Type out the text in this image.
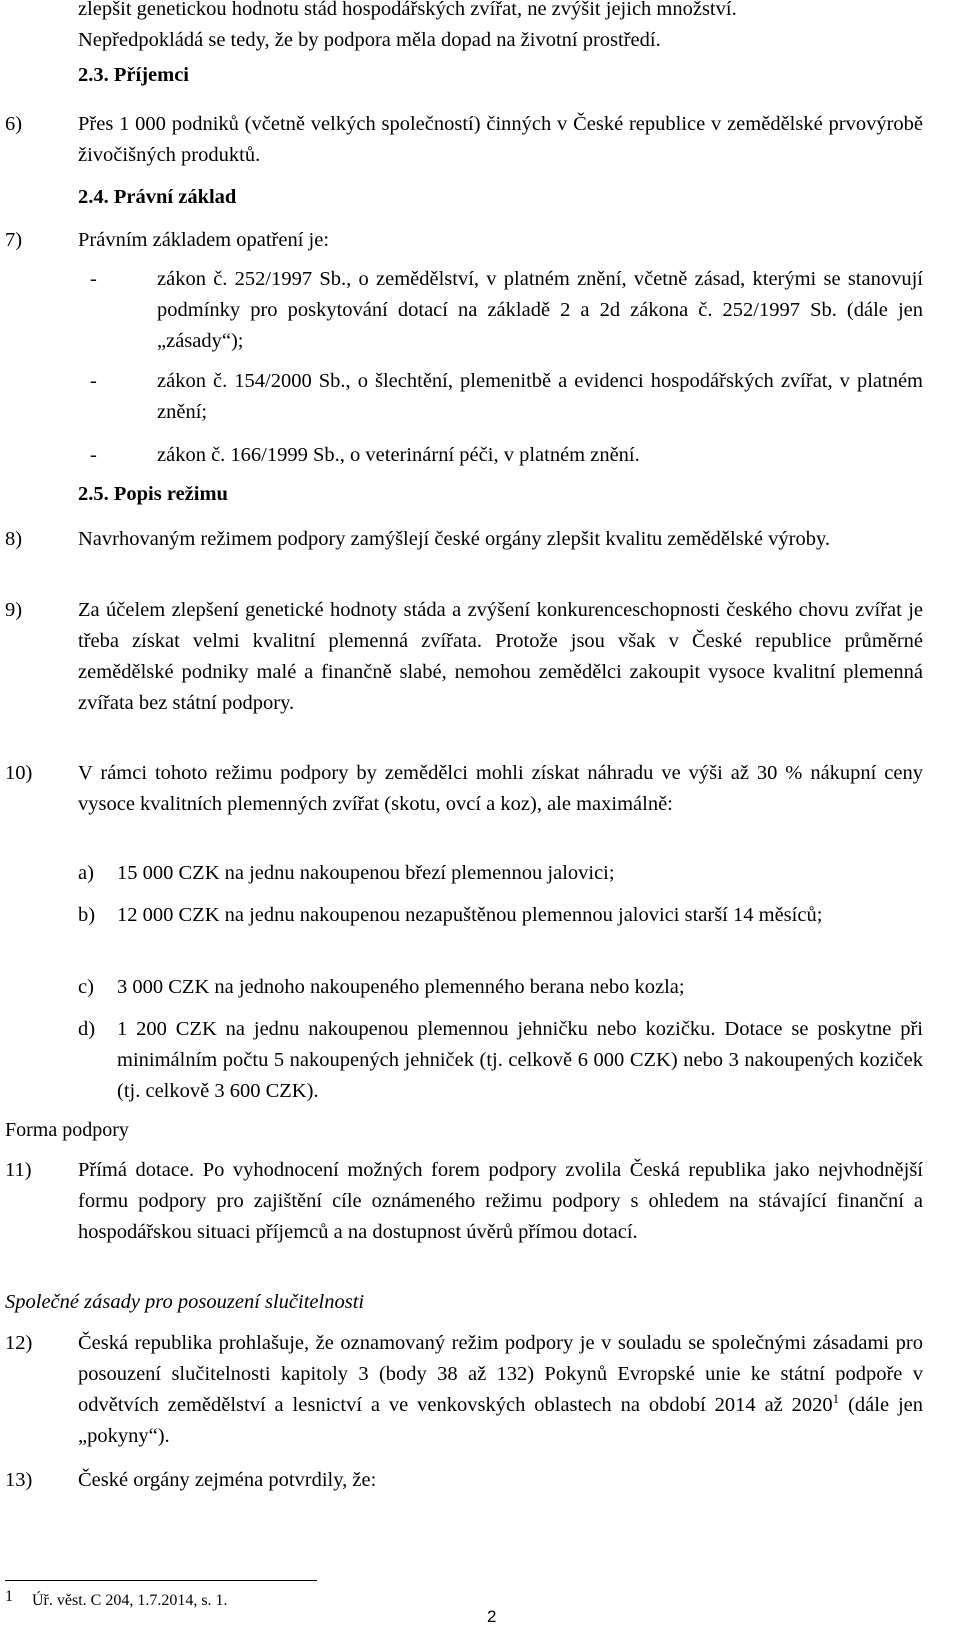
zlepšit genetickou hodnotu stád hospodářských zvířat, ne zvýšit jejich množství.
Nepředpokládá se tedy, že by podpora měla dopad na životní prostředí.
2.3. Příjemci
6)	Přes 1 000 podniků (včetně velkých společností) činných v České republice v zemědělské prvovýrobě živočišných produktů.
2.4. Právní základ
7)	Právním základem opatření je:
-	zákon č. 252/1997 Sb., o zemědělství, v platném znění, včetně zásad, kterými se stanovují podmínky pro poskytování dotací na základě 2 a 2d zákona č. 252/1997 Sb. (dále jen „zásady“);
-	zákon č. 154/2000 Sb., o šlechtění, plemenitbě a evidenci hospodářských zvířat, v platném znění;
-	zákon č. 166/1999 Sb., o veterinární péči, v platném znění.
2.5. Popis režimu
8)	Navrhovaným režimem podpory zamýšlejí české orgány zlepšit kvalitu zemědělské výroby.
9)	Za účelem zlepšení genetické hodnoty stáda a zvýšení konkurenceschopnosti českého chovu zvířat je třeba získat velmi kvalitní plemenná zvířata. Protože jsou však v České republice průměrné zemědělské podniky malé a finančně slabé, nemohou zemědělci zakoupit vysoce kvalitní plemenná zvířata bez státní podpory.
10) V rámci tohoto režimu podpory by zemědělci mohli získat náhradu ve výši až 30 % nákupní ceny vysoce kvalitních plemenných zvířat (skotu, ovcí a koz), ale maximálně:
a) 15 000 CZK na jednu nakoupenou březí plemennou jalovici;
b) 12 000 CZK na jednu nakoupenou nezapuštěnou plemennou jalovici starší 14 měsíců;
c) 3 000 CZK na jednoho nakoupeného plemenného berana nebo kozla;
d) 1 200 CZK na jednu nakoupenou plemennou jehničku nebo kozičku. Dotace se poskytne při minimálním počtu 5 nakoupených jehniček (tj. celkově 6 000 CZK) nebo 3 nakoupených koziček (tj. celkově 3 600 CZK).
Forma podpory
11) Přímá dotace. Po vyhodnocení možných forem podpory zvolila Česká republika jako nejvhodnější formu podpory pro zajištění cíle oznámeného režimu podpory s ohledem na stávající finanční a hospodářskou situaci příjemců a na dostupnost úvěrů přímou dotací.
Společné zásady pro posouzení slučitelnosti
12) Česká republika prohlašuje, že oznamovaný režim podpory je v souladu se společnými zásadami pro posouzení slučitelnosti kapitoly 3 (body 38 až 132) Pokynů Evropské unie ke státní podpoře v odvětvích zemědělství a lesnictví a ve venkovských oblastech na období 2014 až 2020$^1$ (dále jen „pokyny“).
13) České orgány zejména potvrdily, že:
1 Úř. věst. C 204, 1.7.2014, s. 1.
2
